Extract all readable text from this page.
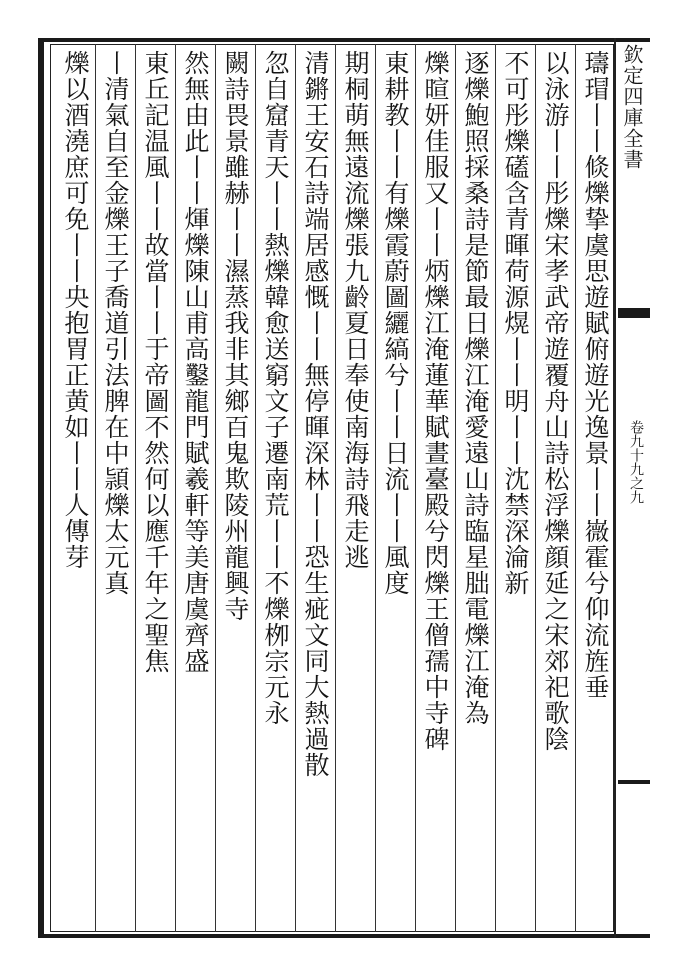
欽定四庫全書
卷九十九之九
璹瑁丨丨倐爍挚虞思遊賦俯遊光逸景丨丨嶶霍兮仰流旌垂
以泳游丨丨彤爍宋孝武帝遊覆舟山詩松浮爍顔延之宋郊祀歌陰
不可彤爍礚含青暉荷源熀丨丨明丨丨沈禁深淪新
逐爍鮑照採桑詩是節最日爍江淹愛遠山詩臨星朏電爍江淹為
爍暄妍佳服又丨丨炳爍江淹蓮華賦晝臺殿兮閃爍王僧孺中寺碑
東耕教丨丨有爍霞蔚圖纚縞兮丨丨日流丨丨風度
期桐萌無遠流爍張九齡夏日奉使南海詩飛走逃
清鏘王安石詩端居感慨丨丨無停暉深林丨丨恐生疵文同大熱過散
忽自窟青天丨丨熱爍韓愈送窮文子遷南荒丨丨不爍栁宗元永
闕詩畏景雖赫丨丨濕蒸我非其鄉百鬼欺陵州龍興寺
然無由此丨丨煇爍陳山甫高鑿龍門賦羲軒等美唐虞齊盛
東丘記温風丨丨故當丨丨于帝圖不然何以應千年之聖焦
丨清氣自至金爍王子喬道引法脾在中頴爍太元真
爍以酒澆庶可免丨丨央抱胃正黄如丨丨人傳芽
